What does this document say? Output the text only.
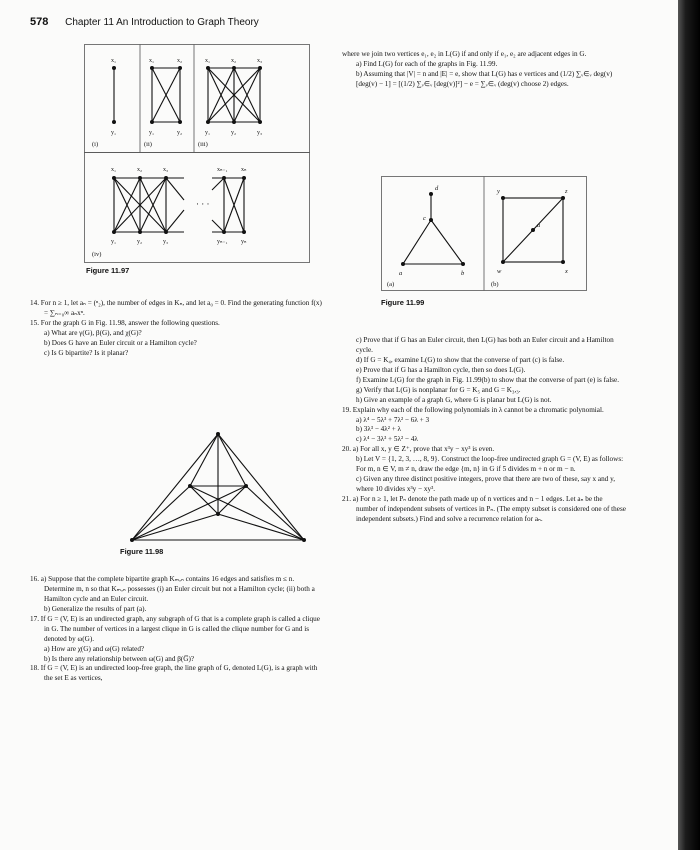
578 Chapter 11 An Introduction to Graph Theory
· · ·
x₁
y₁
x₁	x₂
y₁	y₂
x₁	x₂	x₃
y₁	y₂	y₃
x₁	x₂	x₃	xₙ₋₁ xₙ
y₁	y₂	y₃	yₙ₋₁ yₙ
(i)	(ii)	(iii)
(iv)
Figure 11.97

14. For n ≥ 1, let aₙ = (ⁿ₂), the number of edges in Kₙ, and let a₀ = 0. Find the generating function f(x) = ∑ₙ₌₀∞ aₙxⁿ.

15. For the graph G in Fig. 11.98, answer the following questions.

a) What are γ(G), β(G), and χ(G)?

b) Does G have an Euler circuit or a Hamilton cycle?

c) Is G bipartite? Is it planar?

Figure 11.98

16. a) Suppose that the complete bipartite graph Kₘ,ₙ contains 16 edges and satisfies m ≤ n. Determine m, n so that Kₘ,ₙ possesses (i) an Euler circuit but not a Hamilton cycle; (ii) both a Hamilton cycle and an Euler circuit.

b) Generalize the results of part (a).

17. If G = (V, E) is an undirected graph, any subgraph of G that is a complete graph is called a clique in G. The number of vertices in a largest clique in G is called the clique number for G and is denoted by ω(G).

a) How are χ(G) and ω(G) related?

b) Is there any relationship between ω(G) and β(G̅)?

18. If G = (V, E) is an undirected loop-free graph, the line graph of G, denoted L(G), is a graph with the set E as vertices,

where we join two vertices e₁, e₂ in L(G) if and only if e₁, e₂ are adjacent edges in G.

a) Find L(G) for each of the graphs in Fig. 11.99.

b) Assuming that |V| = n and |E| = e, show that L(G) has e vertices and (1/2) ∑ᵥ∈ᵥ deg(v)[deg(v) − 1] = [(1/2) ∑ᵥ∈ᵥ [deg(v)]²] − e = ∑ᵥ∈ᵥ (deg(v) choose 2) edges.

d
c
a	b
y	z
u
w	x
(a)	(b)
Figure 11.99

c) Prove that if G has an Euler circuit, then L(G) has both an Euler circuit and a Hamilton cycle.

d) If G = K₄, examine L(G) to show that the converse of part (c) is false.

e) Prove that if G has a Hamilton cycle, then so does L(G).

f) Examine L(G) for the graph in Fig. 11.99(b) to show that the converse of part (e) is false.

g) Verify that L(G) is nonplanar for G = K₅ and G = K₃,₃.

h) Give an example of a graph G, where G is planar but L(G) is not.

19. Explain why each of the following polynomials in λ cannot be a chromatic polynomial.

a) λ⁴ − 5λ³ + 7λ² − 6λ + 3

b) 3λ³ − 4λ² + λ

c) λ⁴ − 3λ³ + 5λ² − 4λ

20. a) For all x, y ∈ Z⁺, prove that x³y − xy³ is even.

b) Let V = {1, 2, 3, …, 8, 9}. Construct the loop-free undirected graph G = (V, E) as follows: For m, n ∈ V, m ≠ n, draw the edge {m, n} in G if 5 divides m + n or m − n.

c) Given any three distinct positive integers, prove that there are two of these, say x and y, where 10 divides x³y − xy³.

21. a) For n ≥ 1, let Pₙ denote the path made up of n vertices and n − 1 edges. Let aₙ be the number of independent subsets of vertices in Pₙ. (The empty subset is considered one of these independent subsets.) Find and solve a recurrence relation for aₙ.
